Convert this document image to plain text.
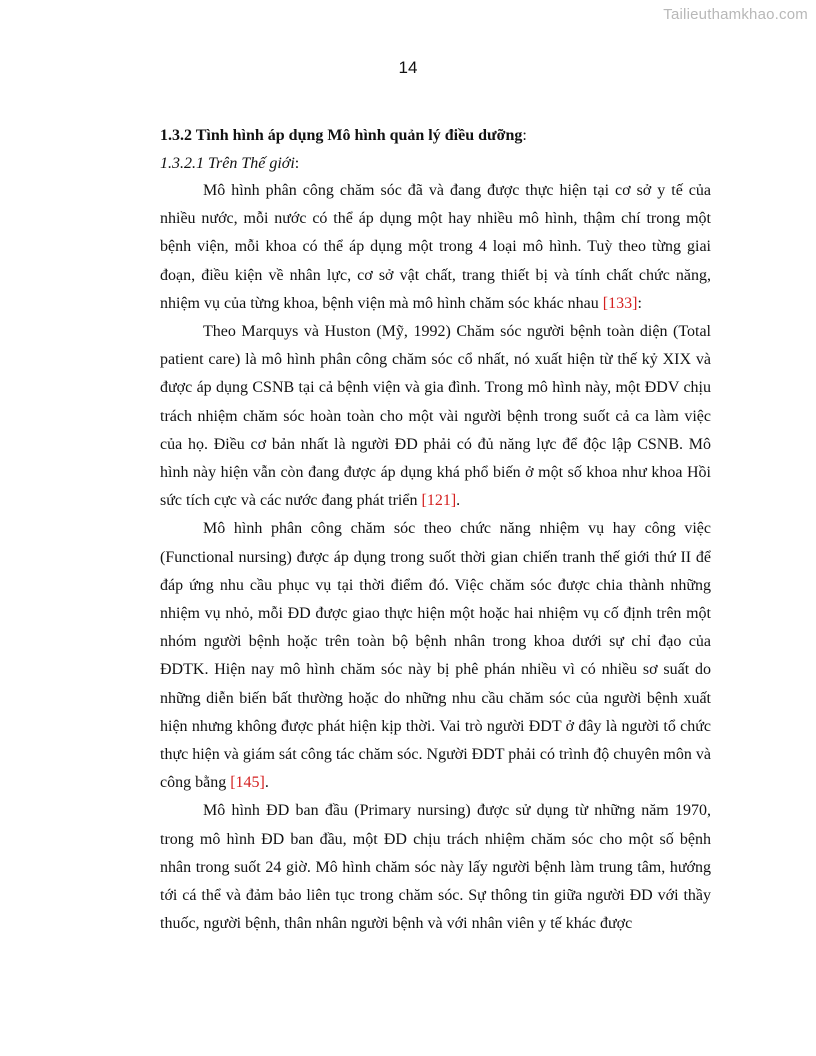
Tailieuthamkhao.com
14

1.3.2 Tình hình áp dụng Mô hình quản lý điều dưỡng:

1.3.2.1 Trên Thế giới:

Mô hình phân công chăm sóc đã và đang được thực hiện tại cơ sở y tế của nhiều nước, mỗi nước có thể áp dụng một hay nhiều mô hình, thậm chí trong một bệnh viện, mỗi khoa có thể áp dụng một trong 4 loại mô hình. Tuỳ theo từng giai đoạn, điều kiện về nhân lực, cơ sở vật chất, trang thiết bị và tính chất chức năng, nhiệm vụ của từng khoa, bệnh viện mà mô hình chăm sóc khác nhau [133]:

Theo Marquys và Huston (Mỹ, 1992) Chăm sóc người bệnh toàn diện (Total patient care) là mô hình phân công chăm sóc cổ nhất, nó xuất hiện từ thế kỷ XIX và được áp dụng CSNB tại cả bệnh viện và gia đình. Trong mô hình này, một ĐDV chịu trách nhiệm chăm sóc hoàn toàn cho một vài người bệnh trong suốt cả ca làm việc của họ. Điều cơ bản nhất là người ĐD phải có đủ năng lực để độc lập CSNB. Mô hình này hiện vẫn còn đang được áp dụng khá phổ biến ở một số khoa như khoa Hồi sức tích cực và các nước đang phát triển [121].

Mô hình phân công chăm sóc theo chức năng nhiệm vụ hay công việc (Functional nursing) được áp dụng trong suốt thời gian chiến tranh thế giới thứ II để đáp ứng nhu cầu phục vụ tại thời điểm đó. Việc chăm sóc được chia thành những nhiệm vụ nhỏ, mỗi ĐD được giao thực hiện một hoặc hai nhiệm vụ cố định trên một nhóm người bệnh hoặc trên toàn bộ bệnh nhân trong khoa dưới sự chỉ đạo của ĐDTK. Hiện nay mô hình chăm sóc này bị phê phán nhiều vì có nhiều sơ suất do những diễn biến bất thường hoặc do những nhu cầu chăm sóc của người bệnh xuất hiện nhưng không được phát hiện kịp thời. Vai trò người ĐDT ở đây là người tổ chức thực hiện và giám sát công tác chăm sóc. Người ĐDT phải có trình độ chuyên môn và công bằng [145].

Mô hình ĐD ban đầu (Primary nursing) được sử dụng từ những năm 1970, trong mô hình ĐD ban đầu, một ĐD chịu trách nhiệm chăm sóc cho một số bệnh nhân trong suốt 24 giờ. Mô hình chăm sóc này lấy người bệnh làm trung tâm, hướng tới cá thể và đảm bảo liên tục trong chăm sóc. Sự thông tin giữa người ĐD với thầy thuốc, người bệnh, thân nhân người bệnh và với nhân viên y tế khác được
